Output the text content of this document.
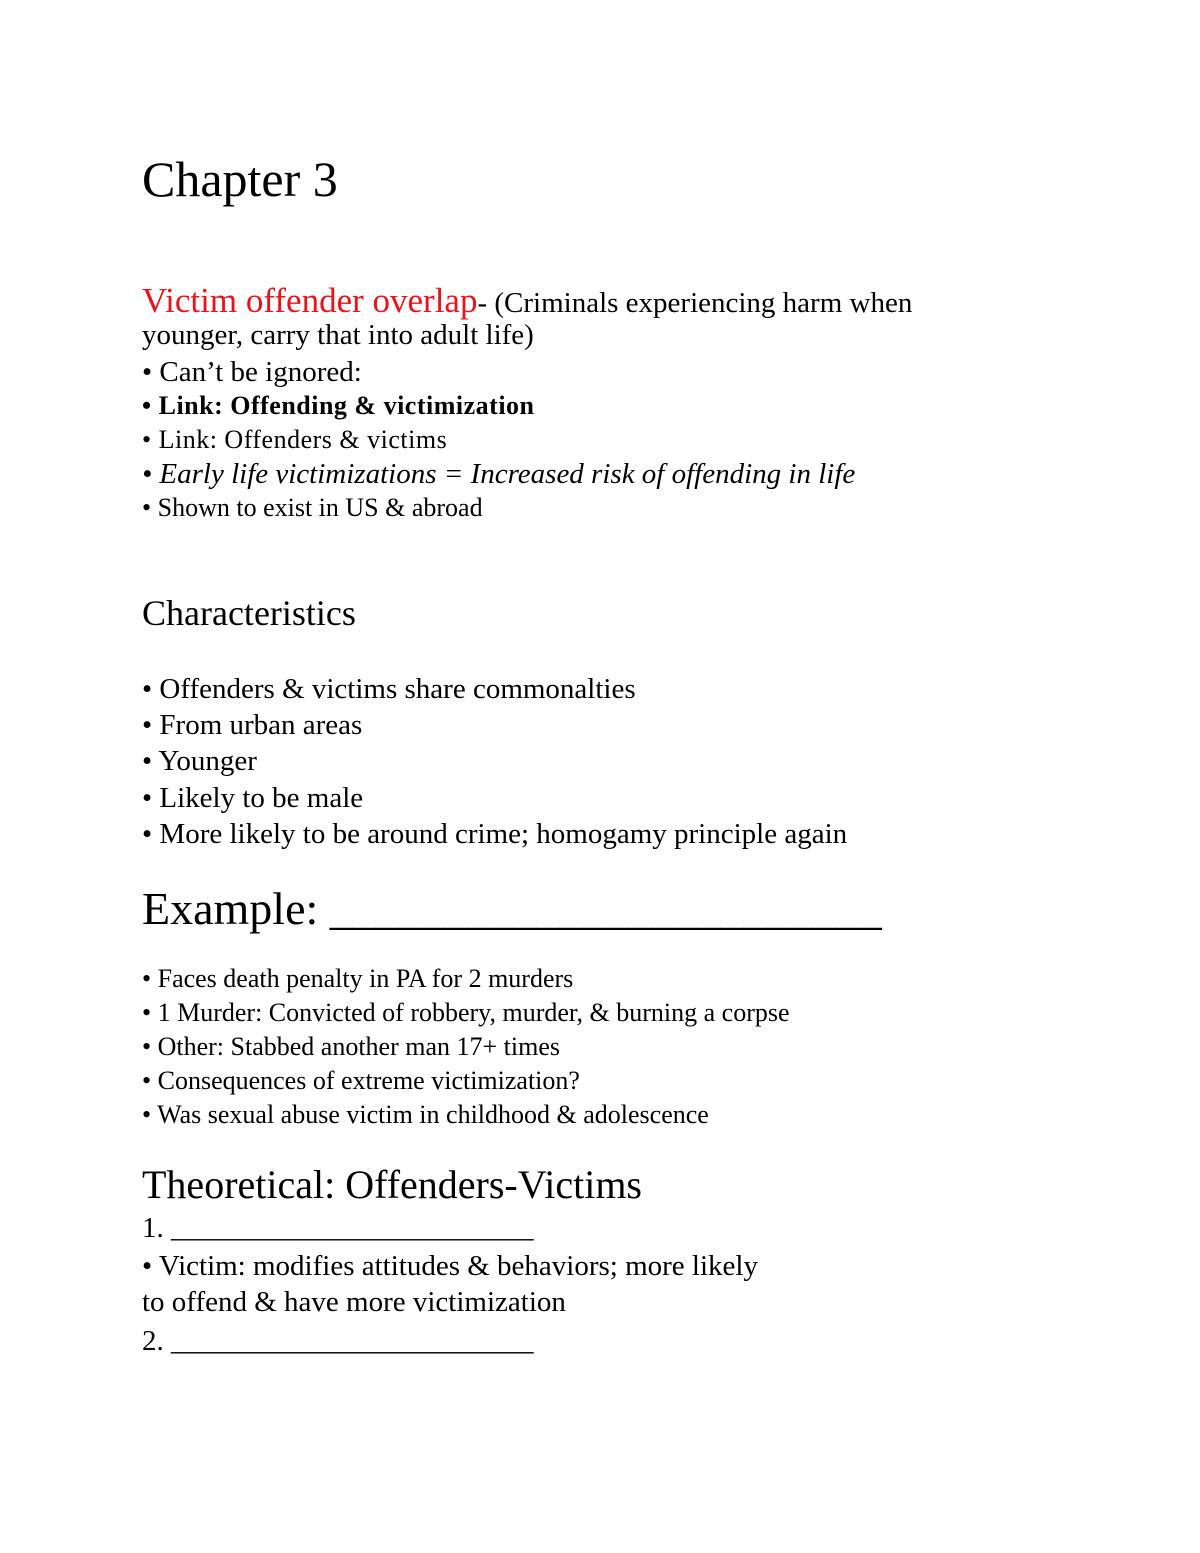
Chapter 3
Victim offender overlap- (Criminals experiencing harm when
younger, carry that into adult life)
• Can’t be ignored:
• Link: Offending & victimization
• Link: Offenders & victims
• Early life victimizations = Increased risk of offending in life
• Shown to exist in US & abroad
Characteristics
• Offenders & victims share commonalties
• From urban areas
• Younger
• Likely to be male
• More likely to be around crime; homogamy principle again
Example: ________________________
• Faces death penalty in PA for 2 murders
• 1 Murder: Convicted of robbery, murder, & burning a corpse
• Other: Stabbed another man 17+ times
• Consequences of extreme victimization?
• Was sexual abuse victim in childhood & adolescence
Theoretical: Offenders-Victims
1. _________________________
• Victim: modifies attitudes & behaviors; more likely
to offend & have more victimization
2. _________________________
